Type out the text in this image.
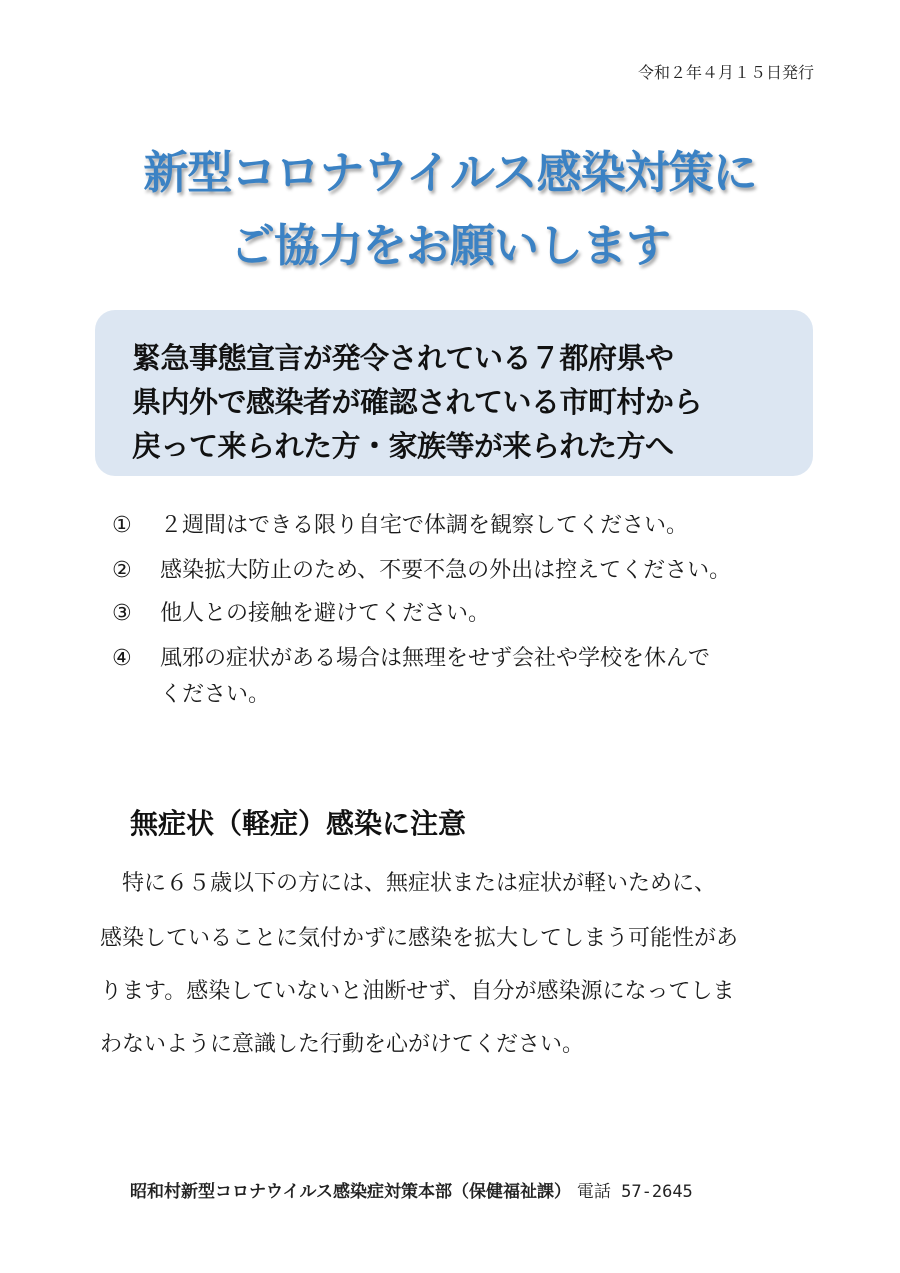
令和２年４月１５日発行
新型コロナウイルス感染対策に
ご協力をお願いします
緊急事態宣言が発令されている７都府県や
県内外で感染者が確認されている市町村から
戻って来られた方・家族等が来られた方へ
① ２週間はできる限り自宅で体調を観察してください。
② 感染拡大防止のため、不要不急の外出は控えてください。
③ 他人との接触を避けてください。
④ 風邪の症状がある場合は無理をせず会社や学校を休んで
ください。
無症状（軽症）感染に注意
　特に６５歳以下の方には、無症状または症状が軽いために、
感染していることに気付かずに感染を拡大してしまう可能性があ
ります。感染していないと油断せず、自分が感染源になってしま
わないように意識した行動を心がけてください。
昭和村新型コロナウイルス感染症対策本部（保健福祉課） 電話 57-2645
